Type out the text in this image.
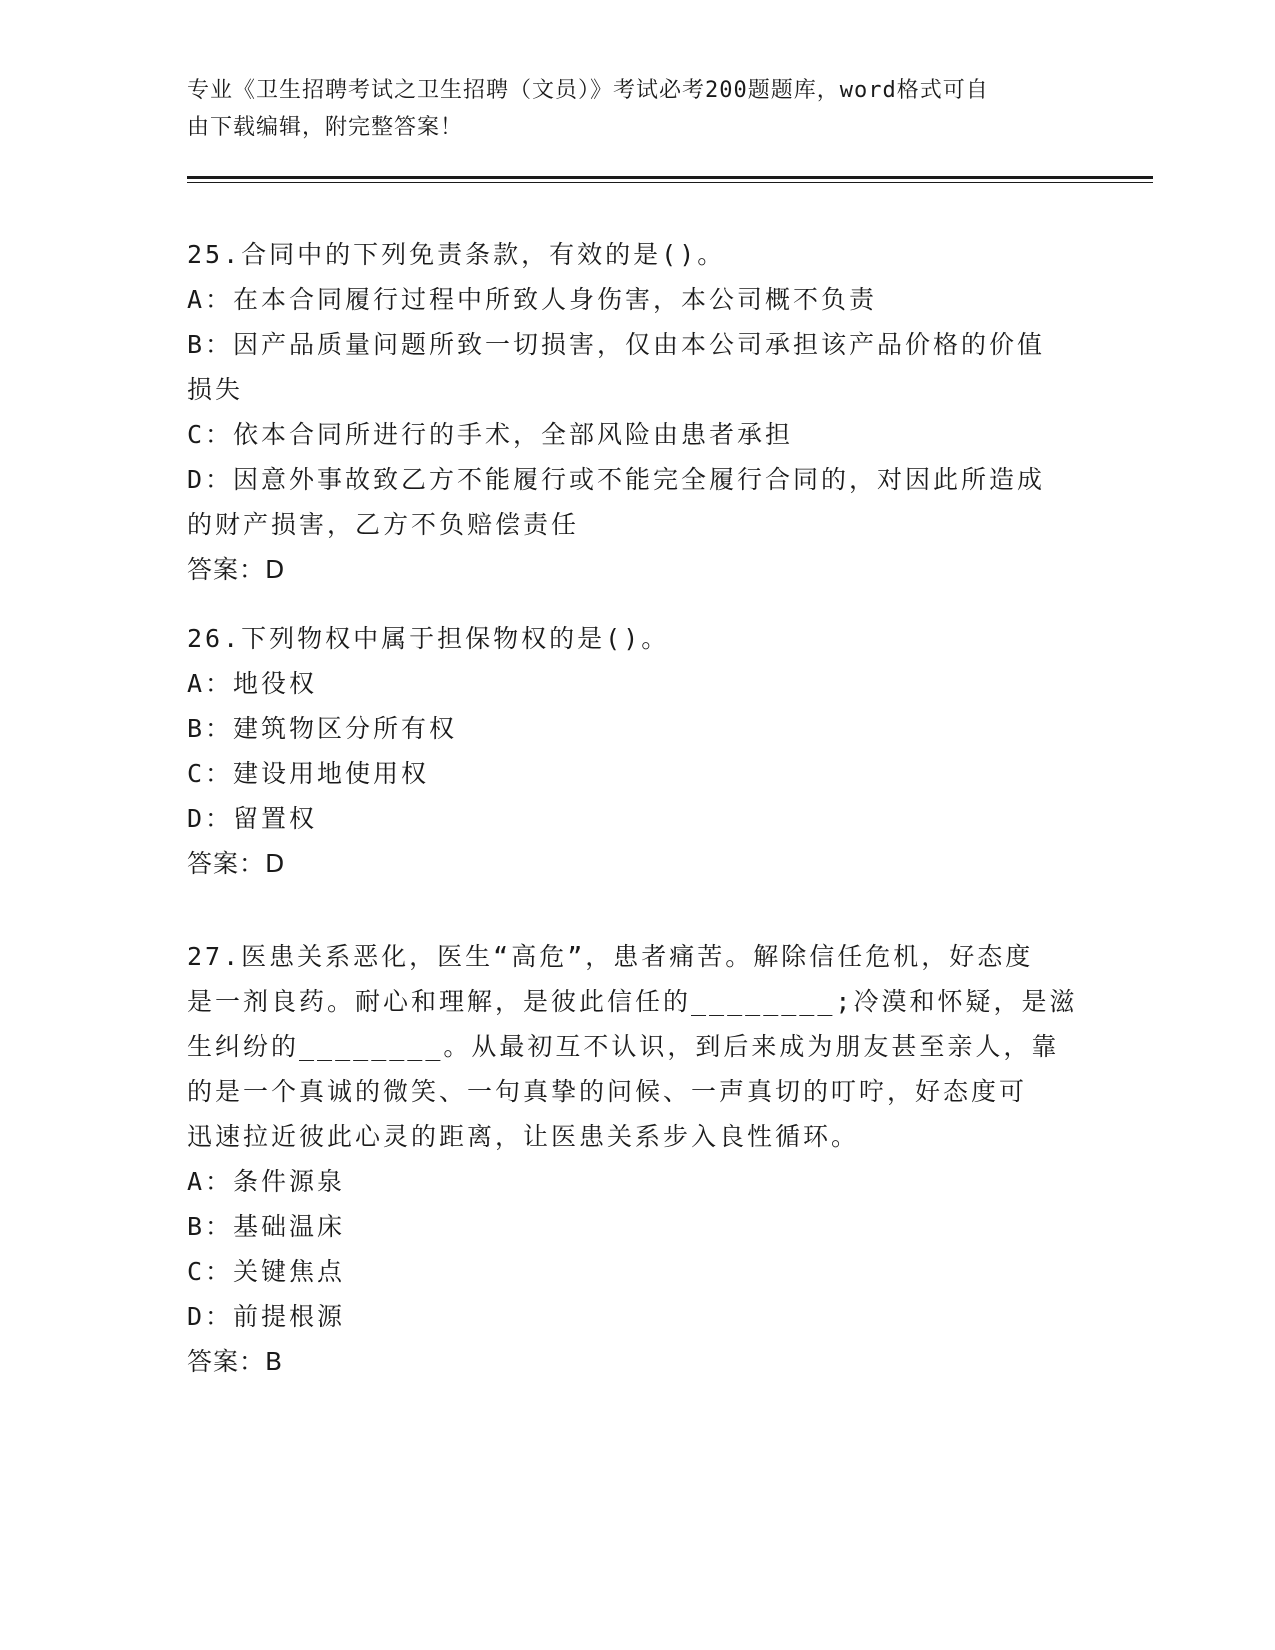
专业《卫生招聘考试之卫生招聘（文员）》考试必考200题题库，word格式可自
由下载编辑，附完整答案！

25.合同中的下列免责条款，有效的是()。

A：在本合同履行过程中所致人身伤害，本公司概不负责

B：因产品质量问题所致一切损害，仅由本公司承担该产品价格的价值

损失

C：依本合同所进行的手术，全部风险由患者承担

D：因意外事故致乙方不能履行或不能完全履行合同的，对因此所造成

的财产损害，乙方不负赔偿责任

答案：D

26.下列物权中属于担保物权的是()。

A：地役权

B：建筑物区分所有权

C：建设用地使用权

D：留置权

答案：D

27.医患关系恶化，医生“高危”，患者痛苦。解除信任危机，好态度

是一剂良药。耐心和理解，是彼此信任的________;冷漠和怀疑，是滋

生纠纷的________。从最初互不认识，到后来成为朋友甚至亲人，靠

的是一个真诚的微笑、一句真挚的问候、一声真切的叮咛，好态度可

迅速拉近彼此心灵的距离，让医患关系步入良性循环。

A：条件源泉

B：基础温床

C：关键焦点

D：前提根源

答案：B
